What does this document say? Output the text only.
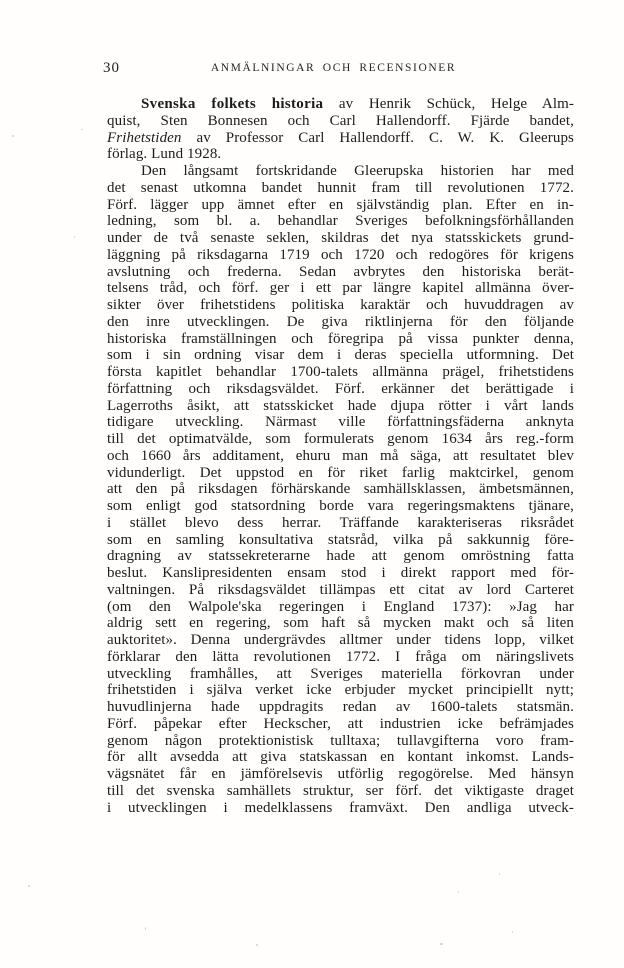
30	ANMÄLNINGAR OCH RECENSIONER
Svenska folkets historia av Henrik Schück, Helge Alm-
quist, Sten Bonnesen och Carl Hallendorff. Fjärde bandet,
Frihetstiden av Professor Carl Hallendorff. C. W. K. Gleerups
förlag. Lund 1928.
Den långsamt fortskridande Gleerupska historien har med
det senast utkomna bandet hunnit fram till revolutionen 1772.
Förf. lägger upp ämnet efter en självständig plan. Efter en in-
ledning, som bl. a. behandlar Sveriges befolkningsförhållanden
under de två senaste seklen, skildras det nya statsskickets grund-
läggning på riksdagarna 1719 och 1720 och redogöres för krigens
avslutning och frederna. Sedan avbrytes den historiska berät-
telsens tråd, och förf. ger i ett par längre kapitel allmänna över-
sikter över frihetstidens politiska karaktär och huvuddragen av
den inre utvecklingen. De giva riktlinjerna för den följande
historiska framställningen och föregripa på vissa punkter denna,
som i sin ordning visar dem i deras speciella utformning. Det
första kapitlet behandlar 1700-talets allmänna prägel, frihetstidens
författning och riksdagsväldet. Förf. erkänner det berättigade i
Lagerroths åsikt, att statsskicket hade djupa rötter i vårt lands
tidigare utveckling. Närmast ville författningsfäderna anknyta
till det optimatvälde, som formulerats genom 1634 års reg.-form
och 1660 års additament, ehuru man må säga, att resultatet blev
vidunderligt. Det uppstod en för riket farlig maktcirkel, genom
att den på riksdagen förhärskande samhällsklassen, ämbetsmännen,
som enligt god statsordning borde vara regeringsmaktens tjänare,
i stället blevo dess herrar. Träffande karakteriseras riksrådet
som en samling konsultativa statsråd, vilka på sakkunnig före-
dragning av statssekreterarne hade att genom omröstning fatta
beslut. Kanslipresidenten ensam stod i direkt rapport med för-
valtningen. På riksdagsväldet tillämpas ett citat av lord Carteret
(om den Walpole'ska regeringen i England 1737): »Jag har
aldrig sett en regering, som haft så mycken makt och så liten
auktoritet». Denna undergrävdes alltmer under tidens lopp, vilket
förklarar den lätta revolutionen 1772. I fråga om näringslivets
utveckling framhålles, att Sveriges materiella förkovran under
frihetstiden i själva verket icke erbjuder mycket principiellt nytt;
huvudlinjerna hade uppdragits redan av 1600-talets statsmän.
Förf. påpekar efter Heckscher, att industrien icke befrämjades
genom någon protektionistisk tulltaxa; tullavgifterna voro fram-
för allt avsedda att giva statskassan en kontant inkomst. Lands-
vägsnätet får en jämförelsevis utförlig regogörelse. Med hänsyn
till det svenska samhällets struktur, ser förf. det viktigaste draget
i utvecklingen i medelklassens framväxt. Den andliga utveck-
